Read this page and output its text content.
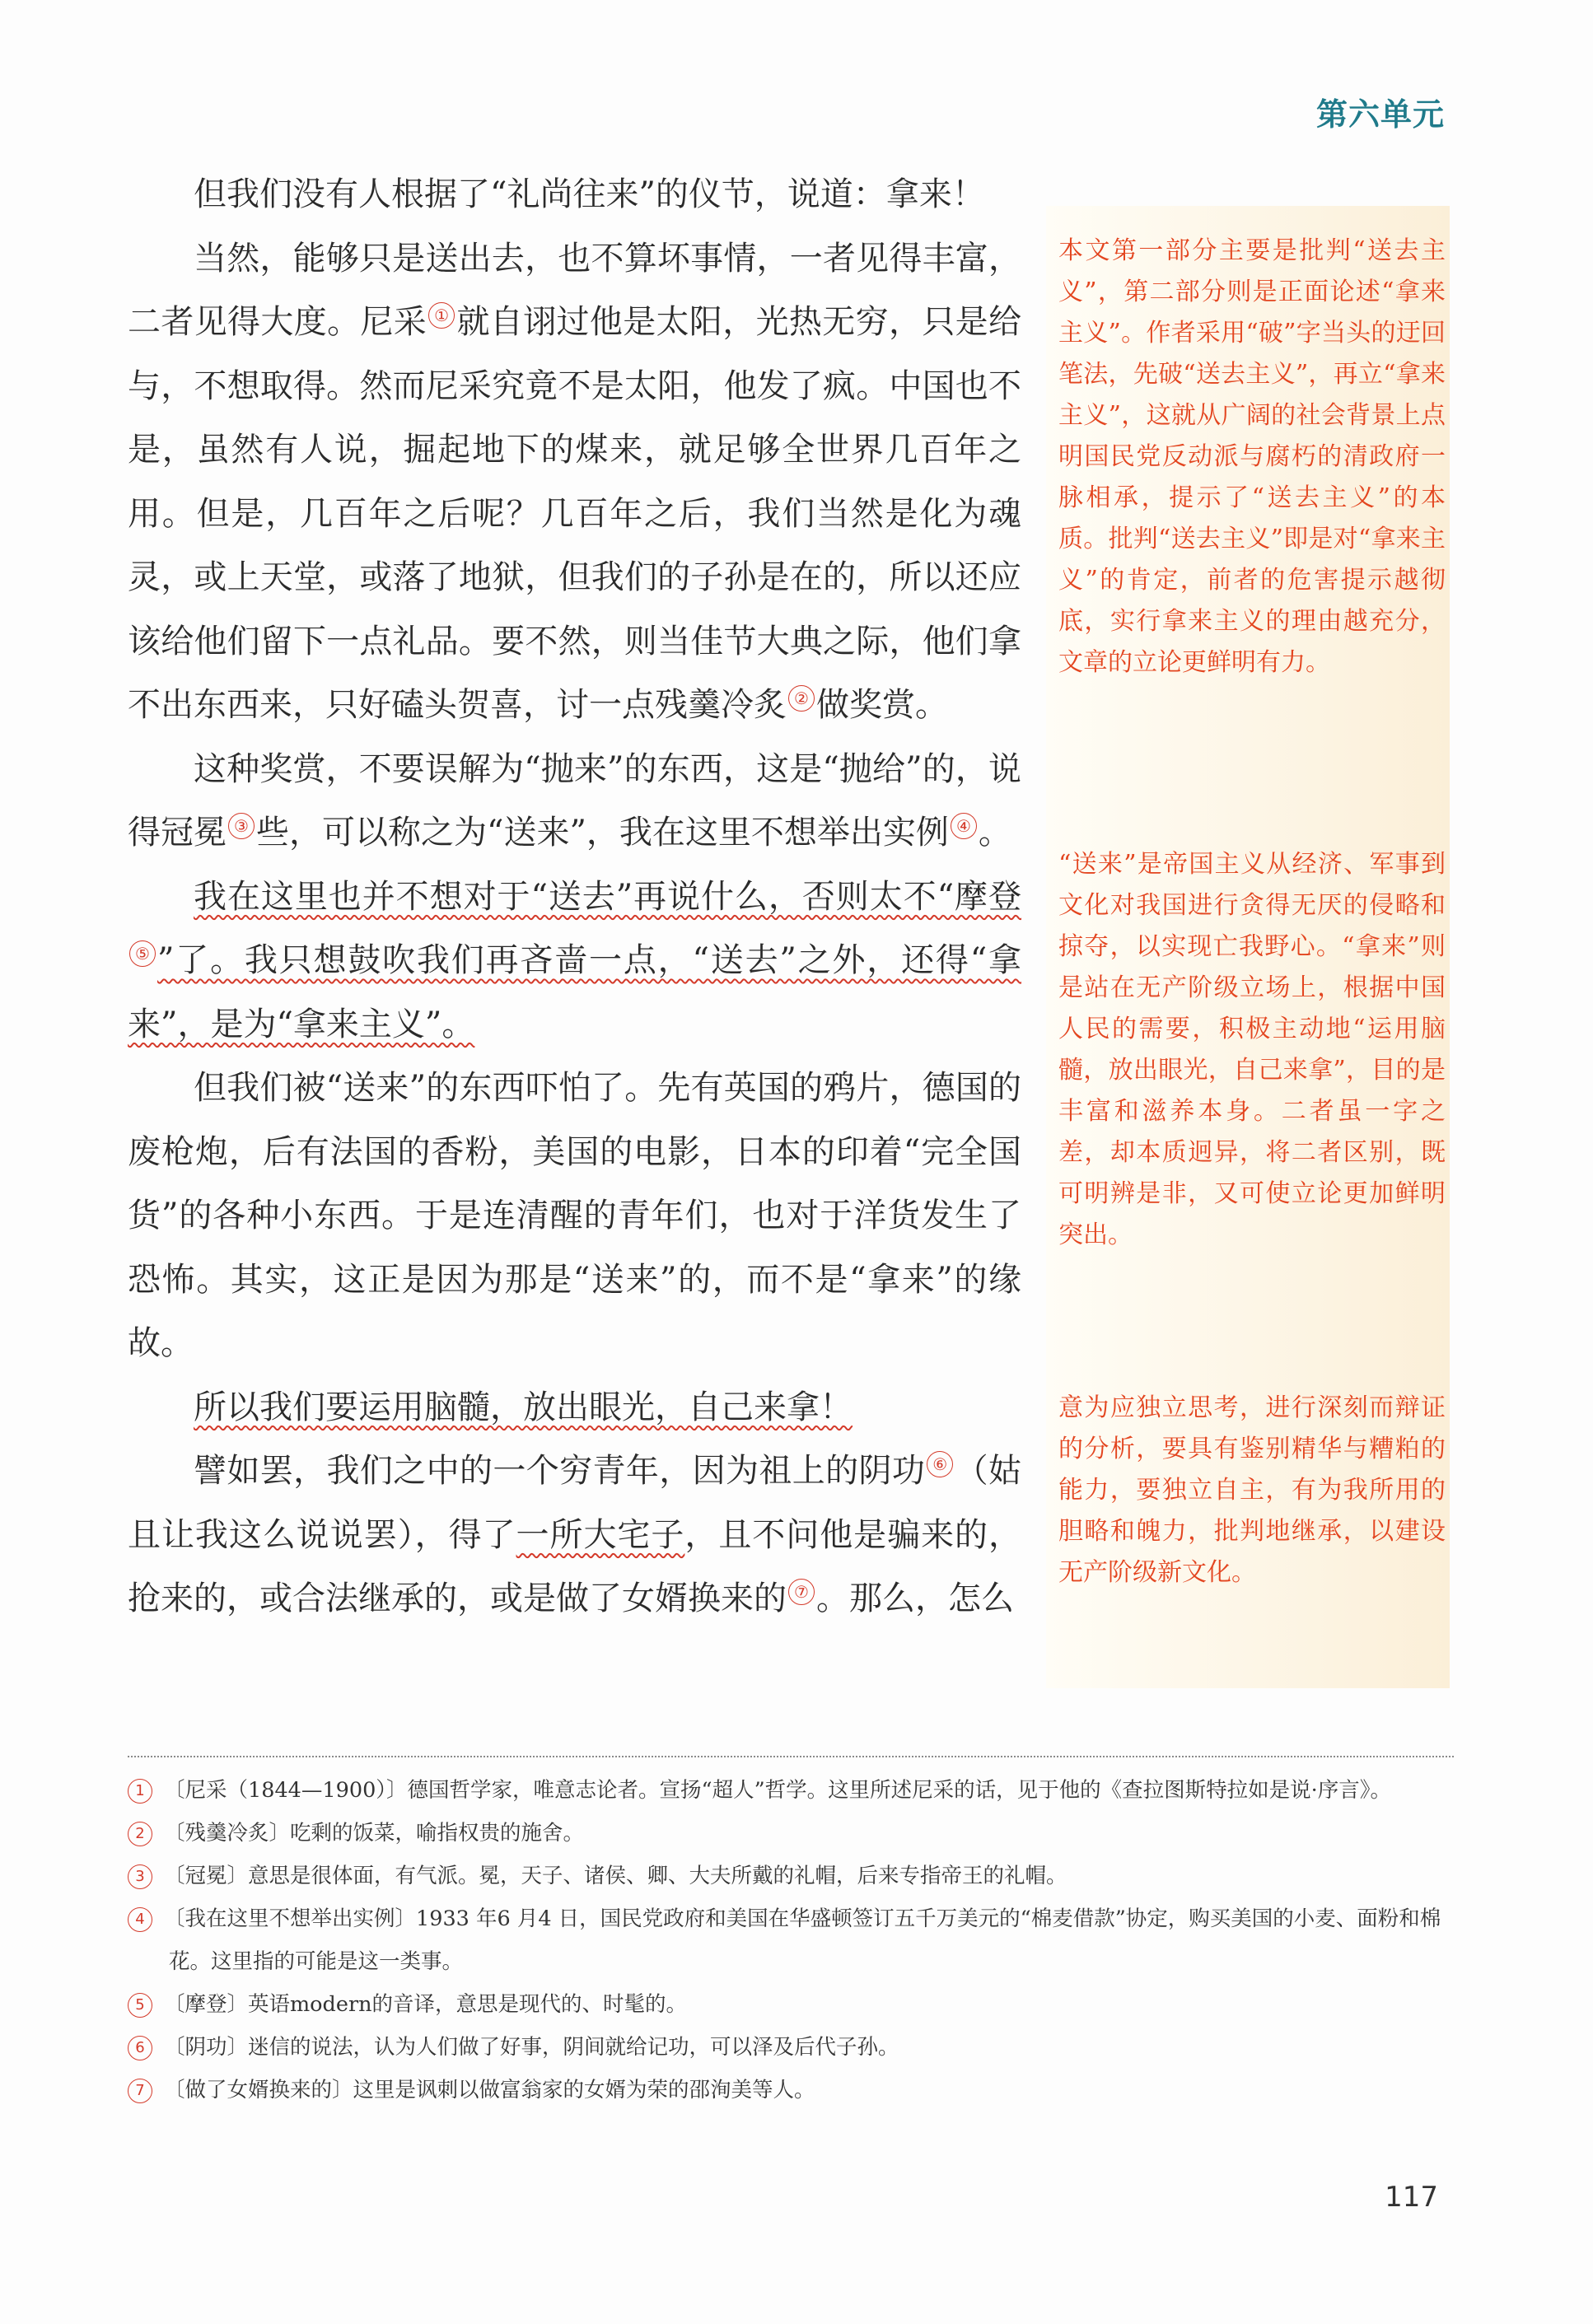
第六单元

但我们没有人根据了“礼尚往来”的仪节，说道：拿来！

当然，能够只是送出去，也不算坏事情，一者见得丰富，二者见得大度。尼采 ① 就自诩过他是太阳，光热无穷，只是给与，不想取得。然而尼采究竟不是太阳，他发了疯。中国也不是，虽然有人说，掘起地下的煤来，就足够全世界几百年之用。但是，几百年之后呢？几百年之后，我们当然是化为魂灵，或上天堂，或落了地狱，但我们的子孙是在的，所以还应该给他们留下一点礼品。要不然，则当佳节大典之际，他们拿不出东西来，只好磕头贺喜，讨一点残羹冷炙 ② 做奖赏。

这种奖赏，不要误解为“抛来”的东西，这是“抛给”的，说得冠冕 ③ 些，可以称之为“送来”，我在这里不想举出实例 ④ 。

我在这里也并不想对于“送去”再说什么，否则太不“摩登⑤ ”了。我只想鼓吹我们再吝啬一点，“送去”之外，还得“拿来”，是为“拿来主义”。

但我们被“送来”的东西吓怕了。先有英国的鸦片，德国的废枪炮，后有法国的香粉，美国的电影，日本的印着“完全国货”的各种小东西。于是连清醒的青年们，也对于洋货发生了恐怖。其实，这正是因为那是“送来”的，而不是“拿来”的缘故。

所以我们要运用脑髓，放出眼光，自己来拿！

譬如罢，我们之中的一个穷青年，因为祖上的阴功 ⑥ （姑且让我这么说说罢），得了一所大宅子，且不问他是骗来的，抢来的，或合法继承的，或是做了女婿换来的 ⑦ 。那么，怎么

本文第一部分主要是批判“送去主义”，第二部分则是正面论述“拿来主义”。作者采用“破”字当头的迂回笔法，先破“送去主义”，再立“拿来主义”，这就从广阔的社会背景上点明国民党反动派与腐朽的清政府一脉相承，提示了“送去主义”的本质。批判“送去主义”即是对“拿来主义”的肯定，前者的危害提示越彻底，实行拿来主义的理由越充分，文章的立论更鲜明有力。
“送来”是帝国主义从经济、军事到文化对我国进行贪得无厌的侵略和掠夺，以实现亡我野心。“拿来”则是站在无产阶级立场上，根据中国人民的需要，积极主动地“运用脑髓，放出眼光，自己来拿”，目的是丰富和滋养本身。二者虽一字之差，却本质迥异，将二者区别，既可明辨是非，又可使立论更加鲜明突出。
意为应独立思考，进行深刻而辩证的分析，要具有鉴别精华与糟粕的能力，要独立自主，有为我所用的胆略和魄力，批判地继承，以建设无产阶级新文化。
1 〔尼采（1844—1900）〕德国哲学家，唯意志论者。宣扬“超人”哲学。这里所述尼采的话，见于他的《查拉图斯特拉如是说·序言》。
2 〔残羹冷炙〕吃剩的饭菜，喻指权贵的施舍。
3 〔冠冕〕意思是很体面，有气派。冕，天子、诸侯、卿、大夫所戴的礼帽，后来专指帝王的礼帽。
4 〔我在这里不想举出实例〕1933 年6 月4 日，国民党政府和美国在华盛顿签订五千万美元的“棉麦借款”协定，购买美国的小麦、面粉和棉花。这里指的可能是这一类事。
5 〔摩登〕英语modern的音译，意思是现代的、时髦的。
6 〔阴功〕迷信的说法，认为人们做了好事，阴间就给记功，可以泽及后代子孙。
7 〔做了女婿换来的〕这里是讽刺以做富翁家的女婿为荣的邵洵美等人。
117
